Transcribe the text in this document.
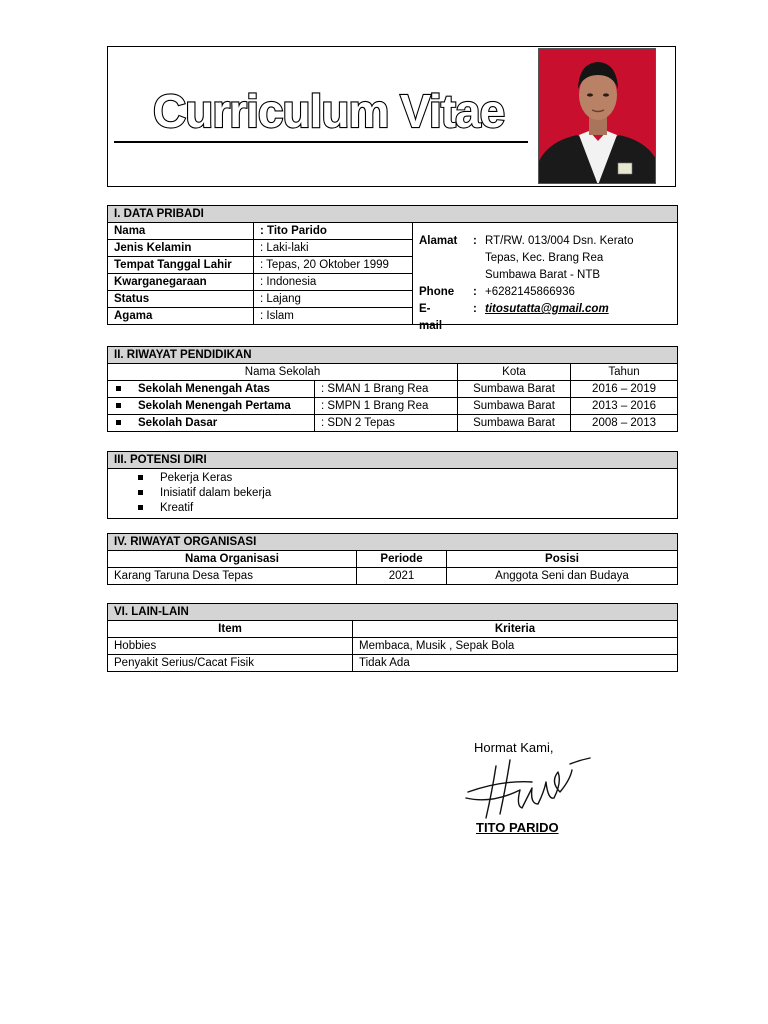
Curriculum Vitae
I. DATA PRIBADI		
Nama	: Tito Parido	
Jenis Kelamin	: Laki-laki	
Tempat Tanggal Lahir	: Tepas, 20 Oktober 1999	
Kwarganegaraan	: Indonesia	
Status	: Lajang	
Agama	: Islam	
Alamat : RT/RW. 013/004 Dsn. Kerato
Tepas, Kec. Brang Rea
Sumbawa Barat - NTB
Phone : +6282145866936
E-mail
: titosutatta@gmail.com
II. RIWAYAT PENDIDIKAN			
Nama Sekolah		Kota	Tahun
Sekolah Menengah Atas	: SMAN 1 Brang Rea	Sumbawa Barat	2016 – 2019
Sekolah Menengah Pertama	: SMPN 1 Brang Rea	Sumbawa Barat	2013 – 2016
Sekolah Dasar	: SDN 2 Tepas	Sumbawa Barat	2008 – 2013
III. POTENSI DIRI

Pekerja Keras
Inisiatif dalam bekerja
Kreatif
IV. RIWAYAT ORGANISASI		
Nama Organisasi	Periode	Posisi
Karang Taruna Desa Tepas	2021	Anggota Seni dan Budaya
VI. LAIN-LAIN	
Item	Kriteria
Hobbies	Membaca, Musik , Sepak Bola
Penyakit Serius/Cacat Fisik	Tidak Ada
Hormat Kami,
TITO PARIDO
